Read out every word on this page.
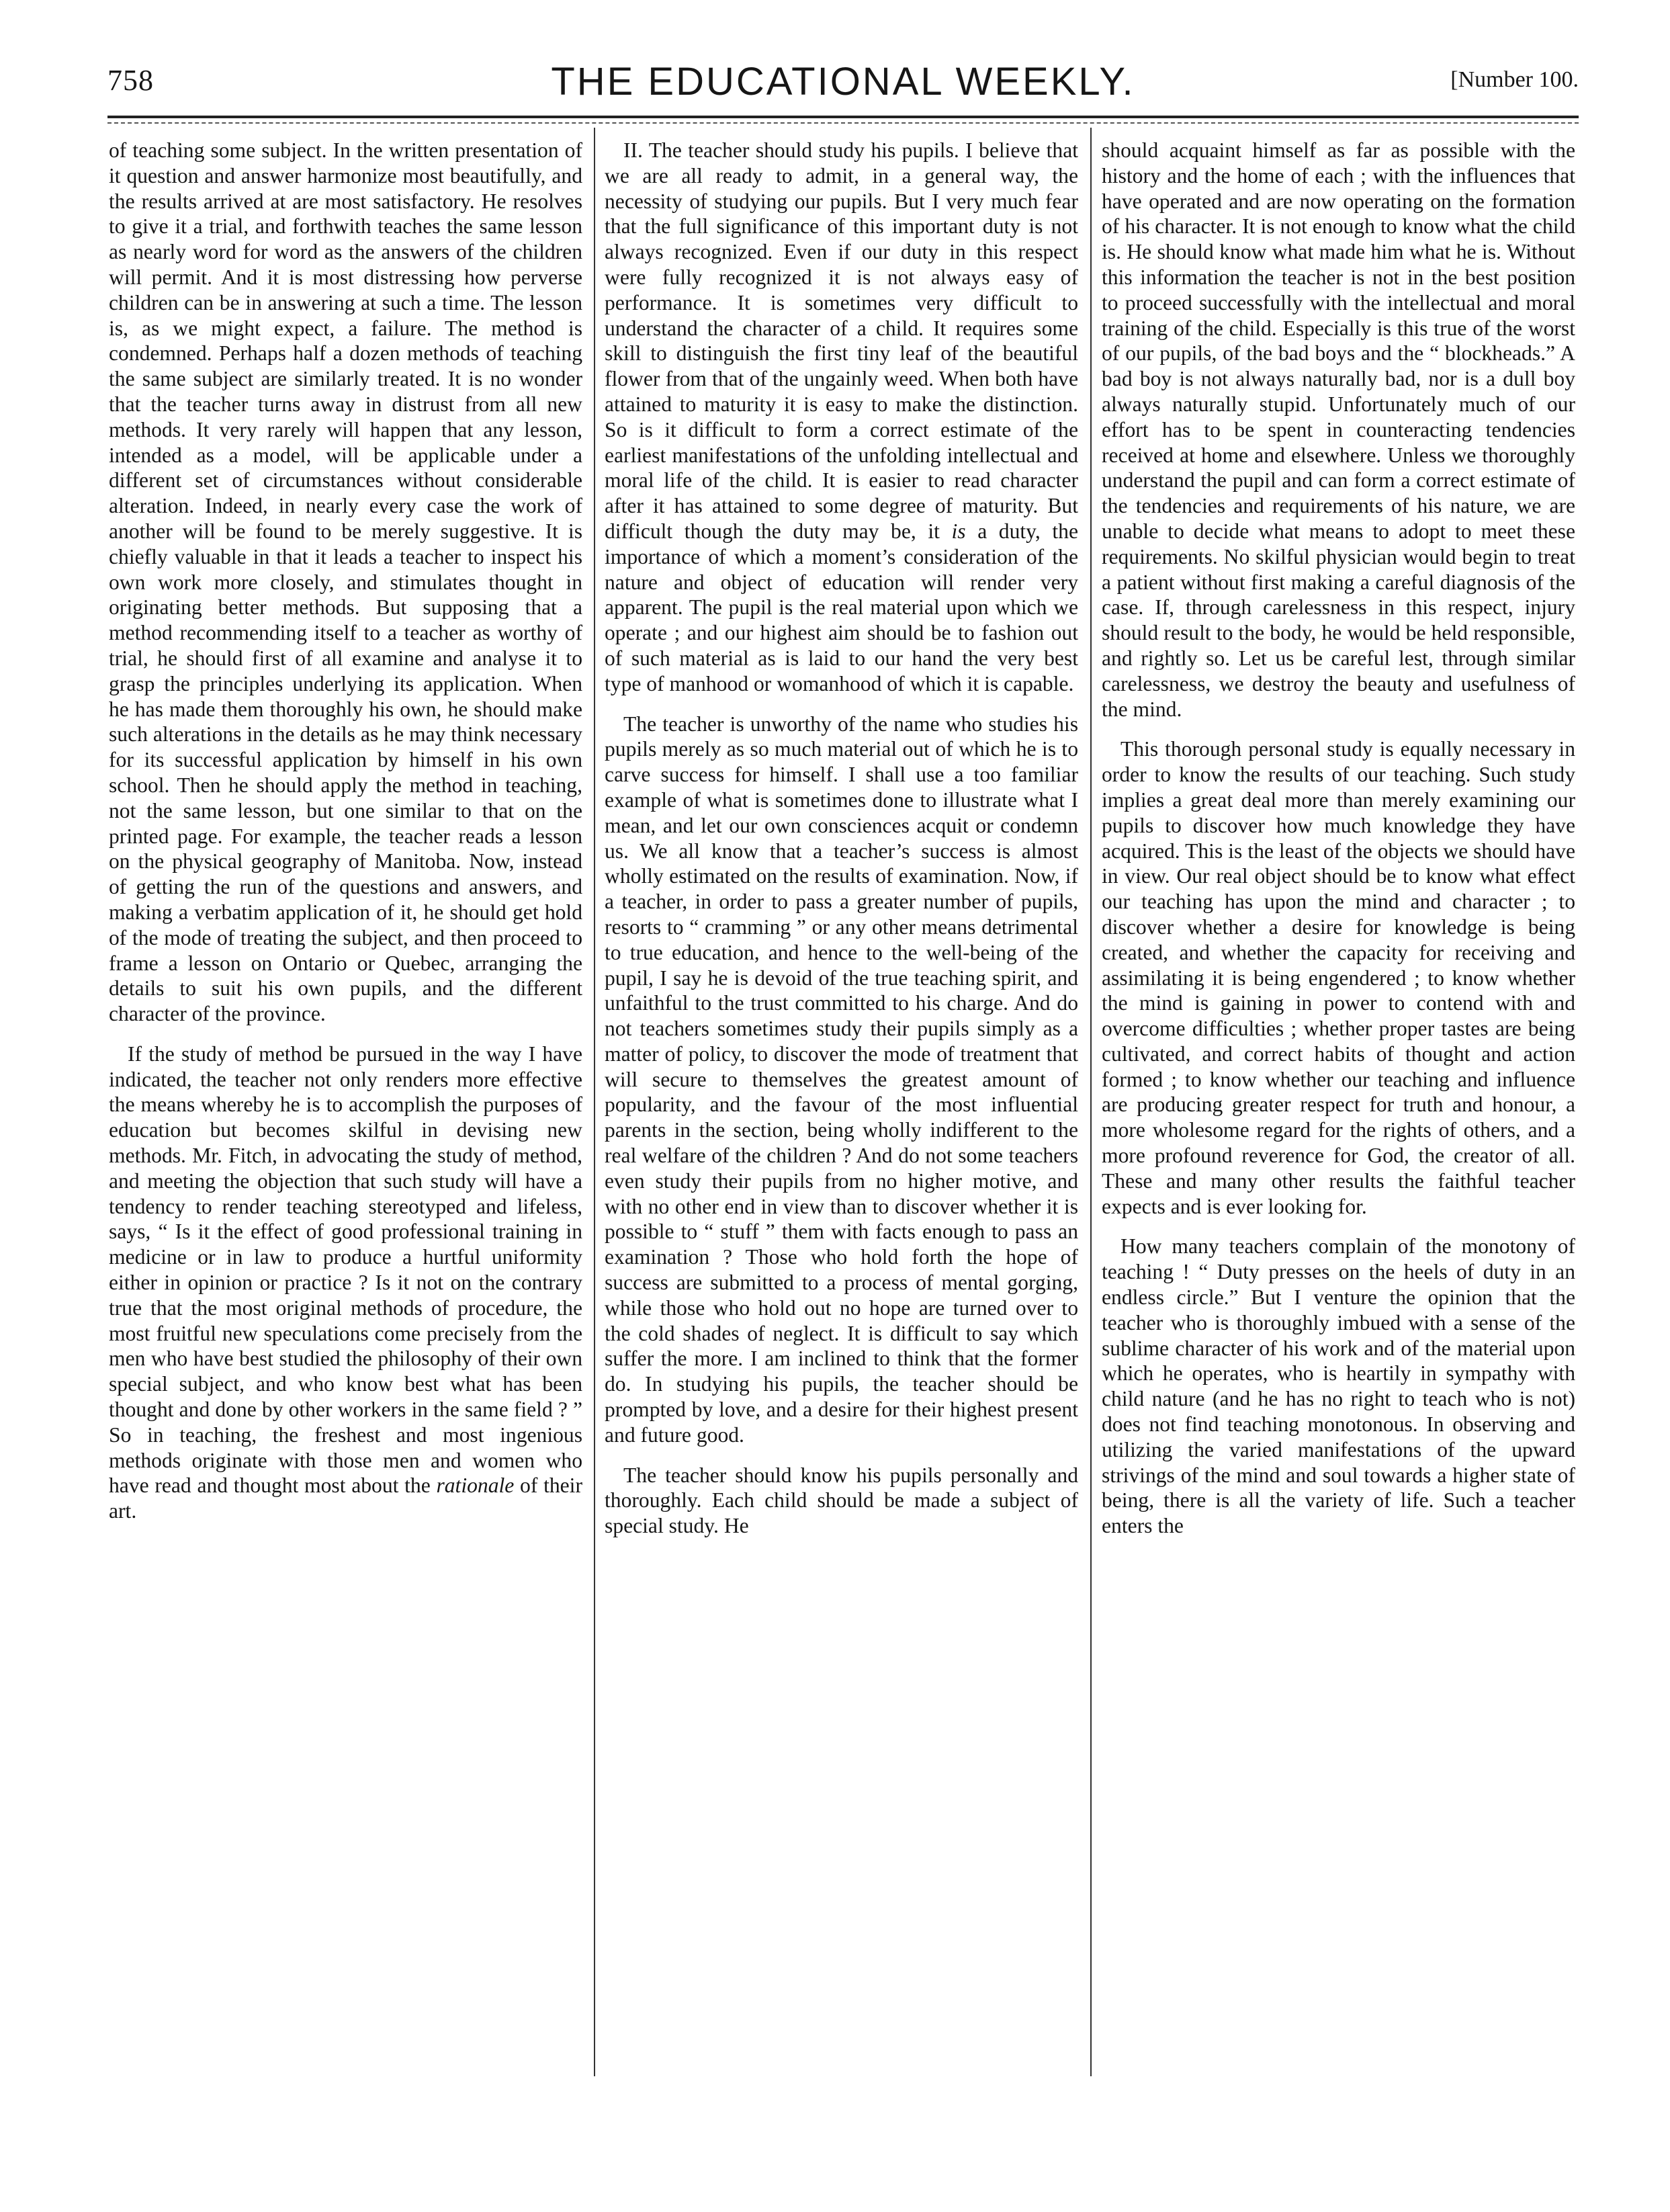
758	THE EDUCATIONAL WEEKLY.	[Number 100.

of teaching some subject. In the written presentation of it question and answer harmonize most beautifully, and the results arrived at are most satisfactory. He resolves to give it a trial, and forthwith teaches the same lesson as nearly word for word as the answers of the children will permit. And it is most distressing how perverse children can be in answering at such a time. The lesson is, as we might expect, a failure. The method is condemned. Perhaps half a dozen methods of teaching the same subject are similarly treated. It is no wonder that the teacher turns away in distrust from all new methods. It very rarely will happen that any lesson, intended as a model, will be applicable under a different set of circumstances without considerable alteration. Indeed, in nearly every case the work of another will be found to be merely suggestive. It is chiefly valuable in that it leads a teacher to inspect his own work more closely, and stimulates thought in originating better methods. But supposing that a method recommending itself to a teacher as worthy of trial, he should first of all examine and analyse it to grasp the principles underlying its application. When he has made them thoroughly his own, he should make such alterations in the details as he may think necessary for its successful application by himself in his own school. Then he should apply the method in teaching, not the same lesson, but one similar to that on the printed page. For example, the teacher reads a lesson on the physical geography of Manitoba. Now, instead of getting the run of the questions and answers, and making a verbatim application of it, he should get hold of the mode of treating the subject, and then proceed to frame a lesson on Ontario or Quebec, arranging the details to suit his own pupils, and the different character of the province.

If the study of method be pursued in the way I have indicated, the teacher not only renders more effective the means whereby he is to accomplish the purposes of education but becomes skilful in devising new methods. Mr. Fitch, in advocating the study of method, and meeting the objection that such study will have a tendency to render teaching stereotyped and lifeless, says, “ Is it the effect of good professional training in medicine or in law to produce a hurtful uniformity either in opinion or practice ? Is it not on the contrary true that the most original methods of procedure, the most fruitful new speculations come precisely from the men who have best studied the philosophy of their own special subject, and who know best what has been thought and done by other workers in the same field ? ” So in teaching, the freshest and most ingenious methods originate with those men and women who have read and thought most about the rationale of their art.

II. The teacher should study his pupils. I believe that we are all ready to admit, in a general way, the necessity of studying our pupils. But I very much fear that the full significance of this important duty is not always recognized. Even if our duty in this respect were fully recognized it is not always easy of performance. It is sometimes very difficult to understand the character of a child. It requires some skill to distinguish the first tiny leaf of the beautiful flower from that of the ungainly weed. When both have attained to maturity it is easy to make the distinction. So is it difficult to form a correct estimate of the earliest manifestations of the unfolding intellectual and moral life of the child. It is easier to read character after it has attained to some degree of maturity. But difficult though the duty may be, it is a duty, the importance of which a moment’s consideration of the nature and object of education will render very apparent. The pupil is the real material upon which we operate ; and our highest aim should be to fashion out of such material as is laid to our hand the very best type of manhood or womanhood of which it is capable.

The teacher is unworthy of the name who studies his pupils merely as so much material out of which he is to carve success for himself. I shall use a too familiar example of what is sometimes done to illustrate what I mean, and let our own consciences acquit or condemn us. We all know that a teacher’s success is almost wholly estimated on the results of examination. Now, if a teacher, in order to pass a greater number of pupils, resorts to “ cramming ” or any other means detrimental to true education, and hence to the well-being of the pupil, I say he is devoid of the true teaching spirit, and unfaithful to the trust committed to his charge. And do not teachers sometimes study their pupils simply as a matter of policy, to discover the mode of treatment that will secure to themselves the greatest amount of popularity, and the favour of the most influential parents in the section, being wholly indifferent to the real welfare of the children ? And do not some teachers even study their pupils from no higher motive, and with no other end in view than to discover whether it is possible to “ stuff ” them with facts enough to pass an examination ? Those who hold forth the hope of success are submitted to a process of mental gorging, while those who hold out no hope are turned over to the cold shades of neglect. It is difficult to say which suffer the more. I am inclined to think that the former do. In studying his pupils, the teacher should be prompted by love, and a desire for their highest present and future good.

The teacher should know his pupils personally and thoroughly. Each child should be made a subject of special study. He

should acquaint himself as far as possible with the history and the home of each ; with the influences that have operated and are now operating on the formation of his character. It is not enough to know what the child is. He should know what made him what he is. Without this information the teacher is not in the best position to proceed successfully with the intellectual and moral training of the child. Especially is this true of the worst of our pupils, of the bad boys and the “ blockheads.” A bad boy is not always naturally bad, nor is a dull boy always naturally stupid. Unfortunately much of our effort has to be spent in counteracting tendencies received at home and elsewhere. Unless we thoroughly understand the pupil and can form a correct estimate of the tendencies and requirements of his nature, we are unable to decide what means to adopt to meet these requirements. No skilful physician would begin to treat a patient without first making a careful diagnosis of the case. If, through carelessness in this respect, injury should result to the body, he would be held responsible, and rightly so. Let us be careful lest, through similar carelessness, we destroy the beauty and usefulness of the mind.

This thorough personal study is equally necessary in order to know the results of our teaching. Such study implies a great deal more than merely examining our pupils to discover how much knowledge they have acquired. This is the least of the objects we should have in view. Our real object should be to know what effect our teaching has upon the mind and character ; to discover whether a desire for knowledge is being created, and whether the capacity for receiving and assimilating it is being engendered ; to know whether the mind is gaining in power to contend with and overcome difficulties ; whether proper tastes are being cultivated, and correct habits of thought and action formed ; to know whether our teaching and influence are producing greater respect for truth and honour, a more wholesome regard for the rights of others, and a more profound reverence for God, the creator of all. These and many other results the faithful teacher expects and is ever looking for.

How many teachers complain of the monotony of teaching ! “ Duty presses on the heels of duty in an endless circle.” But I venture the opinion that the teacher who is thoroughly imbued with a sense of the sublime character of his work and of the material upon which he operates, who is heartily in sympathy with child nature (and he has no right to teach who is not) does not find teaching monotonous. In observing and utilizing the varied manifestations of the upward strivings of the mind and soul towards a higher state of being, there is all the variety of life. Such a teacher enters the
